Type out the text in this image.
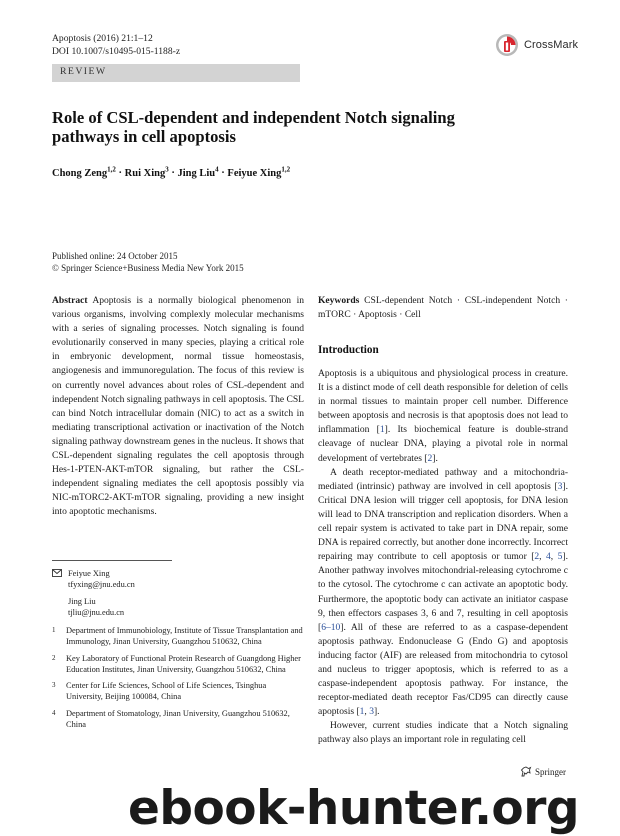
Apoptosis (2016) 21:1–12
DOI 10.1007/s10495-015-1188-z
CrossMark
REVIEW
Role of CSL-dependent and independent Notch signaling pathways in cell apoptosis
Chong Zeng$^{1,2}$ · Rui Xing$^3$ · Jing Liu$^4$ · Feiyue Xing$^{1,2}$
Published online: 24 October 2015
© Springer Science+Business Media New York 2015

Abstract  Apoptosis is a normally biological phenomenon in various organisms, involving complexly molecular mechanisms with a series of signaling processes. Notch signaling is found evolutionarily conserved in many species, playing a critical role in embryonic development, normal tissue homeostasis, angiogenesis and immunoregulation. The focus of this review is on currently novel advances about roles of CSL-dependent and independent Notch signaling pathways in cell apoptosis. The CSL can bind Notch intracellular domain (NIC) to act as a switch in mediating transcriptional activation or inactivation of the Notch signaling pathway downstream genes in the nucleus. It shows that CSL-dependent signaling regulates the cell apoptosis through Hes-1-PTEN-AKT-mTOR signaling, but rather the CSL-independent signaling mediates the cell apoptosis possibly via NIC-mTORC2-AKT-mTOR signaling, providing a new insight into apoptotic mechanisms.

Keywords  CSL-dependent Notch · CSL-independent Notch · mTORC · Apoptosis · Cell

Introduction

Apoptosis is a ubiquitous and physiological process in creature. It is a distinct mode of cell death responsible for deletion of cells in normal tissues to maintain proper cell number. Difference between apoptosis and necrosis is that apoptosis does not lead to inflammation [1]. Its biochemical feature is double-strand cleavage of nuclear DNA, playing a pivotal role in normal development of vertebrates [2].

A death receptor-mediated pathway and a mitochondria-mediated (intrinsic) pathway are involved in cell apoptosis [3]. Critical DNA lesion will trigger cell apoptosis, for DNA lesion will lead to DNA transcription and replication disorders. When a cell repair system is activated to take part in DNA repair, some DNA is repaired correctly, but another done incorrectly. Incorrect repairing may contribute to cell apoptosis or tumor [2, 4, 5]. Another pathway involves mitochondrial-releasing cytochrome c to the cytosol. The cytochrome c can activate an apoptotic body. Furthermore, the apoptotic body can activate an initiator caspase 9, then effectors caspases 3, 6 and 7, resulting in cell apoptosis [6–10]. All of these are referred to as a caspase-dependent apoptosis pathway. Endonuclease G (Endo G) and apoptosis inducing factor (AIF) are released from mitochondria to cytosol and nucleus to trigger apoptosis, which is referred to as a caspase-independent apoptosis pathway. For instance, the receptor-mediated death receptor Fas/CD95 can directly cause apoptosis [1, 3].

However, current studies indicate that a Notch signaling pathway also plays an important role in regulating cell

Feiyue Xing
tfyxing@jnu.edu.cn
Jing Liu
tjliu@jnu.edu.cn
1	Department of Immunobiology, Institute of Tissue Transplantation and Immunology, Jinan University, Guangzhou 510632, China
2	Key Laboratory of Functional Protein Research of Guangdong Higher Education Institutes, Jinan University, Guangzhou 510632, China
3	Center for Life Sciences, School of Life Sciences, Tsinghua University, Beijing 100084, China
4	Department of Stomatology, Jinan University, Guangzhou 510632, China
Springer
ebook-hunter.org
